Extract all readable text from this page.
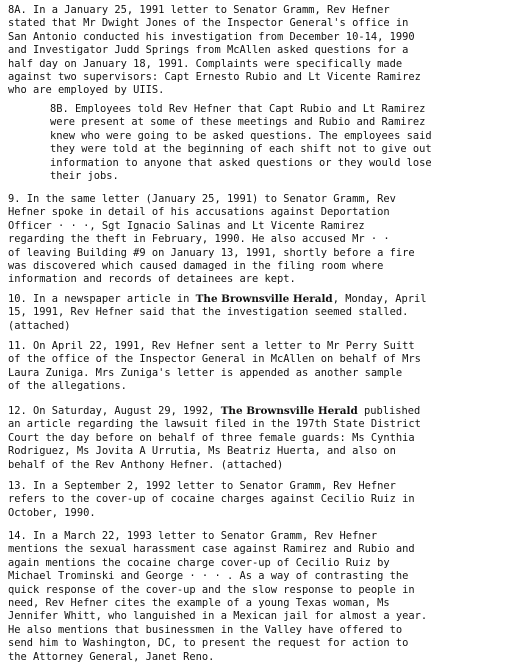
8A. In a January 25, 1991 letter to Senator Gramm, Rev Hefner
stated that Mr Dwight Jones of the Inspector General's office in
San Antonio conducted his investigation from December 10-14, 1990
and Investigator Judd Springs from McAllen asked questions for a
half day on January 18, 1991. Complaints were specifically made
against two supervisors: Capt Ernesto Rubio and Lt Vicente Ramirez
who are employed by UIIS.

8B. Employees told Rev Hefner that Capt Rubio and Lt Ramirez
were present at some of these meetings and Rubio and Ramirez
knew who were going to be asked questions. The employees said
they were told at the beginning of each shift not to give out
information to anyone that asked questions or they would lose
their jobs.

9. In the same letter (January 25, 1991) to Senator Gramm, Rev
Hefner spoke in detail of his accusations against Deportation
Officer · · ·, Sgt Ignacio Salinas and Lt Vicente Ramirez
regarding the theft in February, 1990. He also accused Mr · ·
of leaving Building #9 on January 13, 1991, shortly before a fire
was discovered which caused damaged in the filing room where
information and records of detainees are kept.

10. In a newspaper article in The Brownsville Herald, Monday, April
15, 1991, Rev Hefner said that the investigation seemed stalled.
(attached)

11. On April 22, 1991, Rev Hefner sent a letter to Mr Perry Suitt
of the office of the Inspector General in McAllen on behalf of Mrs
Laura Zuniga. Mrs Zuniga's letter is appended as another sample
of the allegations.

12. On Saturday, August 29, 1992, The Brownsville Herald published
an article regarding the lawsuit filed in the 197th State District
Court the day before on behalf of three female guards: Ms Cynthia
Rodriguez, Ms Jovita A Urrutia, Ms Beatriz Huerta, and also on
behalf of the Rev Anthony Hefner. (attached)

13. In a September 2, 1992 letter to Senator Gramm, Rev Hefner
refers to the cover-up of cocaine charges against Cecilio Ruiz in
October, 1990.

14. In a March 22, 1993 letter to Senator Gramm, Rev Hefner
mentions the sexual harassment case against Ramirez and Rubio and
again mentions the cocaine charge cover-up of Cecilio Ruiz by
Michael Trominski and George · · · . As a way of contrasting the
quick response of the cover-up and the slow response to people in
need, Rev Hefner cites the example of a young Texas woman, Ms
Jennifer Whitt, who languished in a Mexican jail for almost a year.
He also mentions that businessmen in the Valley have offered to
send him to Washington, DC, to present the request for action to
the Attorney General, Janet Reno.
